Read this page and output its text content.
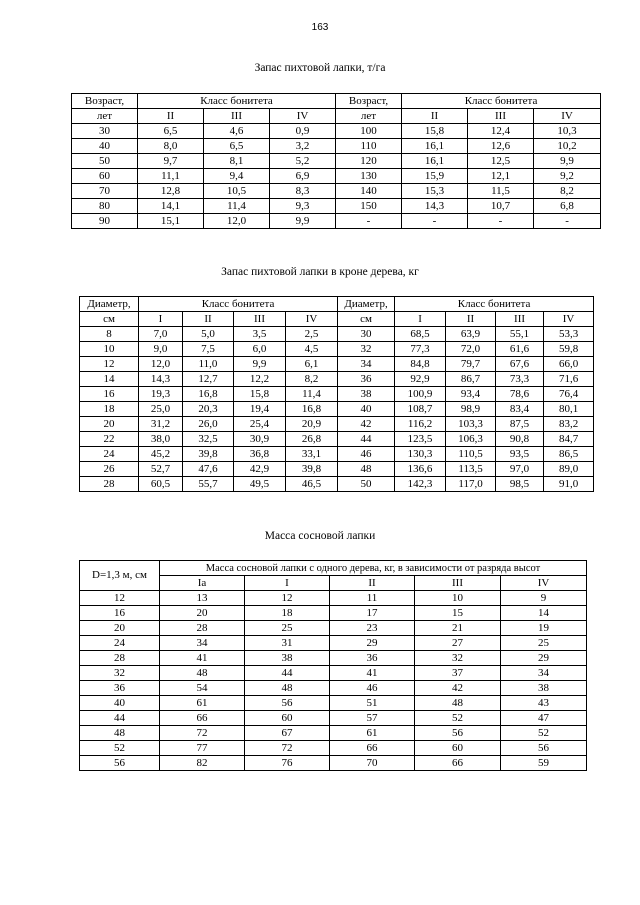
163
Запас пихтовой лапки, т/га
Возраст,	Класс бонитета			Возраст,	Класс бонитета		
лет	II	III	IV	лет	II	III	IV
30	6,5	4,6	0,9	100	15,8	12,4	10,3
40	8,0	6,5	3,2	110	16,1	12,6	10,2
50	9,7	8,1	5,2	120	16,1	12,5	9,9
60	11,1	9,4	6,9	130	15,9	12,1	9,2
70	12,8	10,5	8,3	140	15,3	11,5	8,2
80	14,1	11,4	9,3	150	14,3	10,7	6,8
90	15,1	12,0	9,9	-	-	-	-
Запас пихтовой лапки в кроне дерева, кг
Диаметр,	Класс бонитета				Диаметр,	Класс бонитета			
см	I	II	III	IV	см	I	II	III	IV
8	7,0	5,0	3,5	2,5	30	68,5	63,9	55,1	53,3
10	9,0	7,5	6,0	4,5	32	77,3	72,0	61,6	59,8
12	12,0	11,0	9,9	6,1	34	84,8	79,7	67,6	66,0
14	14,3	12,7	12,2	8,2	36	92,9	86,7	73,3	71,6
16	19,3	16,8	15,8	11,4	38	100,9	93,4	78,6	76,4
18	25,0	20,3	19,4	16,8	40	108,7	98,9	83,4	80,1
20	31,2	26,0	25,4	20,9	42	116,2	103,3	87,5	83,2
22	38,0	32,5	30,9	26,8	44	123,5	106,3	90,8	84,7
24	45,2	39,8	36,8	33,1	46	130,3	110,5	93,5	86,5
26	52,7	47,6	42,9	39,8	48	136,6	113,5	97,0	89,0
28	60,5	55,7	49,5	46,5	50	142,3	117,0	98,5	91,0
Масса сосновой лапки
D=1,3 м, см	Масса сосновой лапки с одного дерева, кг, в зависимости от разряда высот				
	Ia	I	II	III	IV
12	13	12	11	10	9
16	20	18	17	15	14
20	28	25	23	21	19
24	34	31	29	27	25
28	41	38	36	32	29
32	48	44	41	37	34
36	54	48	46	42	38
40	61	56	51	48	43
44	66	60	57	52	47
48	72	67	61	56	52
52	77	72	66	60	56
56	82	76	70	66	59
